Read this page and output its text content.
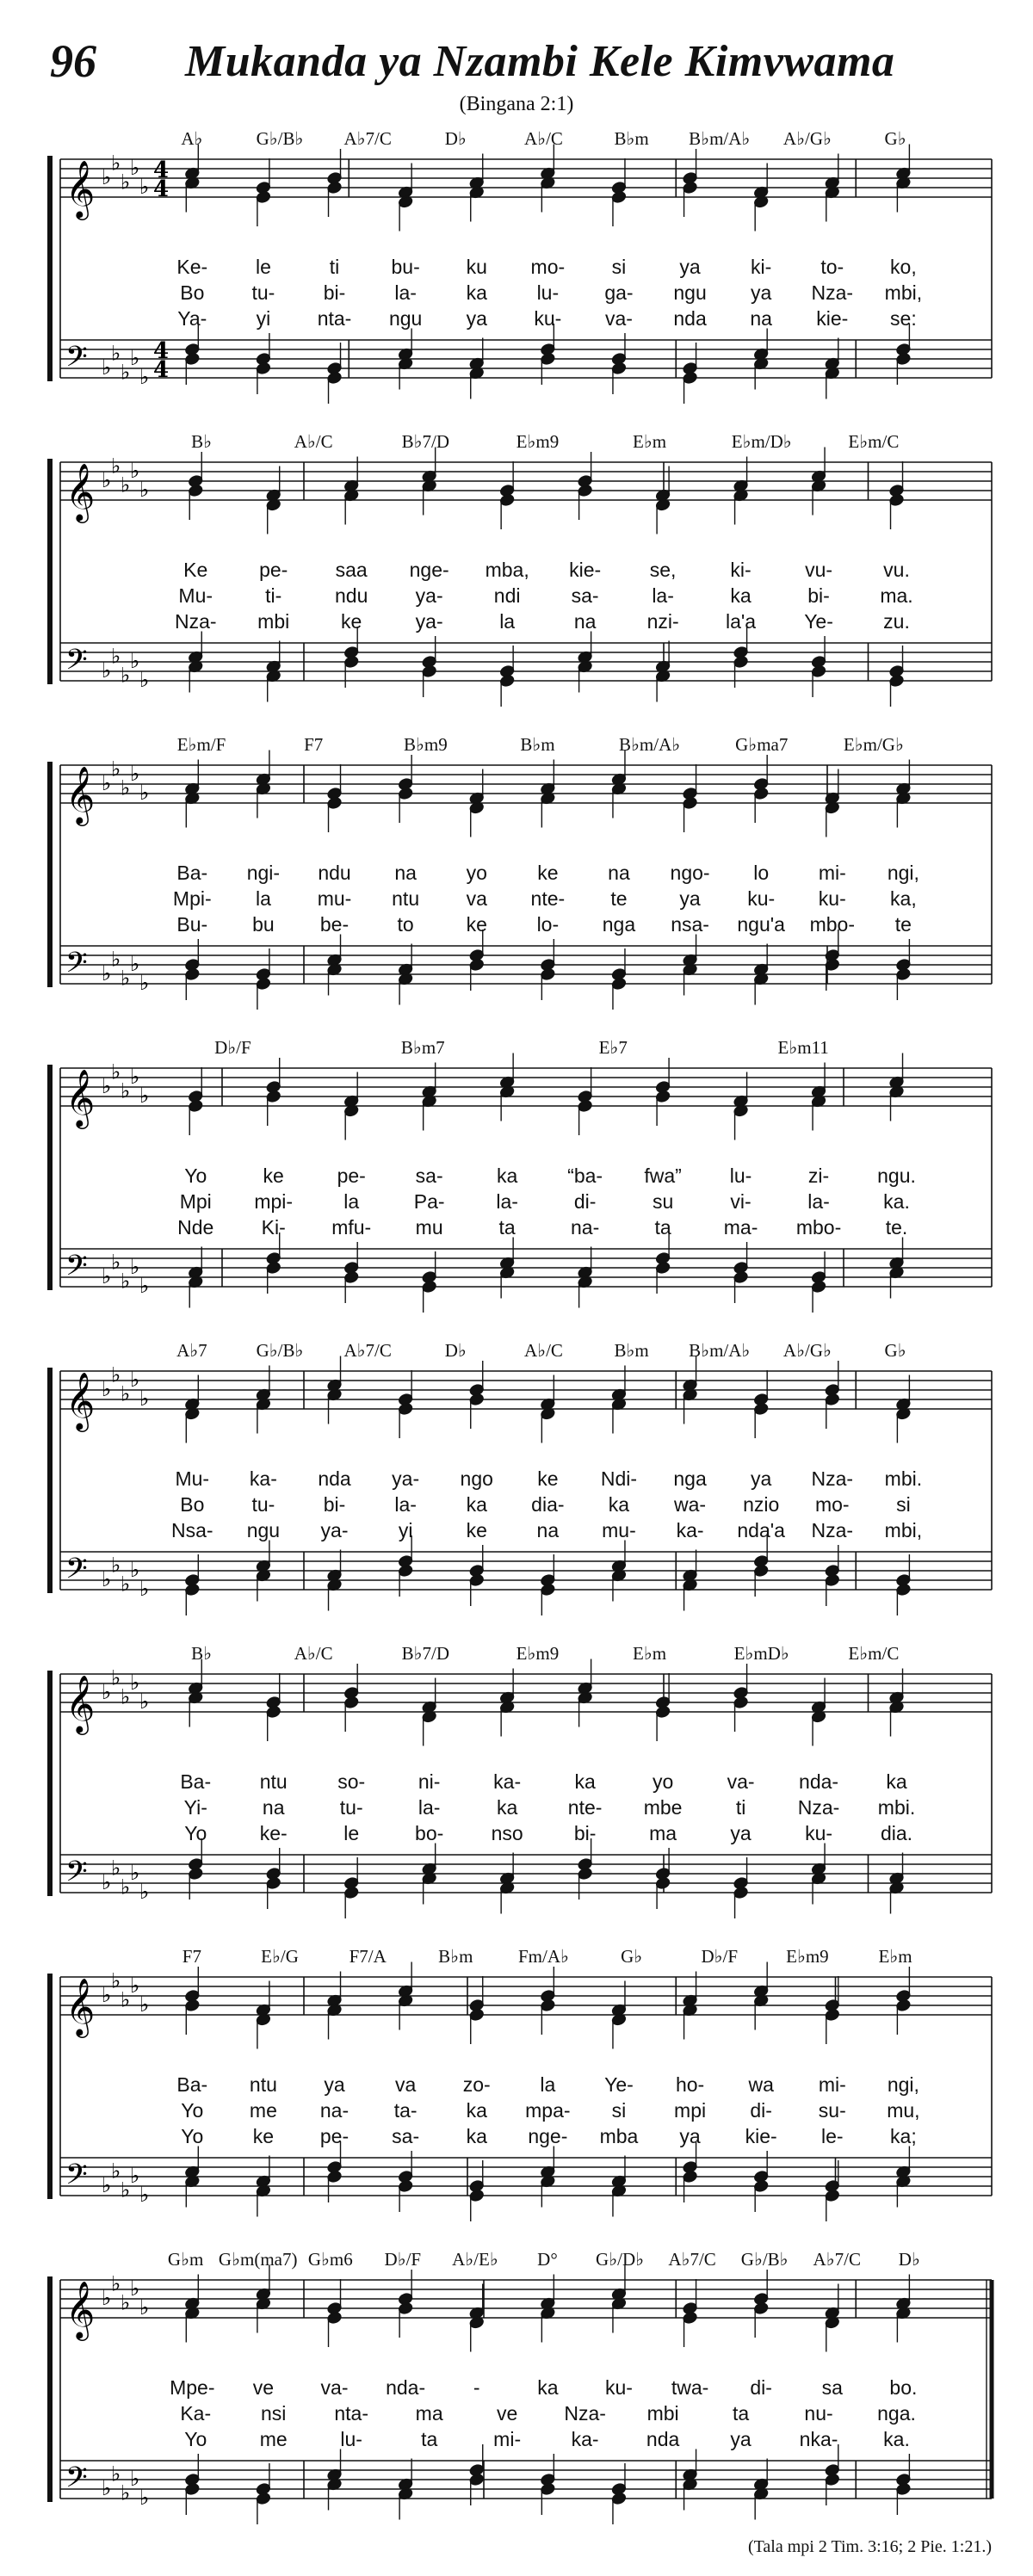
96 Mukanda ya Nzambi Kele Kimvwama
(Bingana 2:1)
𝄞
𝄢
♭
♭
♭
♭
♭
♭
♭
♭
♭
♭
4
4
4
4
A♭	G♭/B♭ A♭7/C	D♭	A♭/C	B♭m B♭m/A♭ A♭/G♭	G♭
Ke- le	ti	bu- ku mo- si	ya	ki- to- ko,
Bo tu- bi- la-	ka	lu- ga- ngu ya Nza- mbi,
Ya- yi nta- ngu ya ku- va- nda na kie- se:
𝄞
𝄢
♭
♭
♭
♭
♭
♭
♭
♭
♭
♭
B♭	A♭/C	B♭7/D	E♭m9	E♭m	E♭m/D♭	E♭m/C
Ke	pe- saa nge- mba, kie- se,	ki-	vu-	vu.
Mu-	ti-	ndu ya-	ndi	sa-	la-	ka	bi-	ma.
Nza- mbi	ke	ya-	la	na	nzi- la'a Ye-	zu.
𝄞
𝄢
♭
♭
♭
♭
♭
♭
♭
♭
♭
♭
E♭m/F	F7	B♭m9	B♭m	B♭m/A♭	G♭ma7	E♭m/G♭
Ba- ngi- ndu na	yo	ke	na ngo- lo	mi- ngi,
Mpi- la mu- ntu va nte- te	ya ku- ku- ka,
Bu- bu be- to	ke	lo- nga nsa- ngu'a mbo- te
𝄞
𝄢
♭
♭
♭
♭
♭
♭
♭
♭
♭
♭
D♭/F	B♭m7	E♭7	E♭m11
Yo	ke	pe-	sa-	ka	“ba- fwa” lu-	zi- ngu.
Mpi mpi-	la	Pa-	la-	di-	su	vi-	la-	ka.
Nde Ki- mfu- mu	ta	na-	ta	ma- mbo- te.
𝄞
𝄢
♭
♭
♭
♭
♭
♭
♭
♭
♭
♭
A♭7	G♭/B♭ A♭7/C	D♭	A♭/C	B♭m B♭m/A♭ A♭/G♭	G♭
Mu- ka- nda ya- ngo ke Ndi- nga ya Nza- mbi.
Bo tu- bi- la-	ka dia- ka wa- nzio mo- si
Nsa- ngu ya-	yi	ke	na mu- ka- nda'a Nza- mbi,
𝄞
𝄢
♭
♭
♭
♭
♭
♭
♭
♭
♭
♭
B♭	A♭/C	B♭7/D	E♭m9	E♭m	E♭mD♭	E♭m/C
Ba- ntu	so-	ni-	ka-	ka	yo	va- nda- ka
Yi-	na	tu-	la-	ka	nte- mbe	ti	Nza- mbi.
Yo	ke-	le	bo- nso	bi-	ma	ya	ku- dia.
𝄞
𝄢
♭
♭
♭
♭
♭
♭
♭
♭
♭
♭
F7	E♭/G	F7/A	B♭m	Fm/A♭	G♭	D♭/F	E♭m9	E♭m
Ba- ntu ya	va zo-	la Ye- ho- wa mi- ngi,
Yo me na- ta- ka mpa- si mpi di- su- mu,
Yo ke pe- sa- ka nge- mba ya kie- le- ka;
𝄞
𝄢
♭
♭
♭
♭
♭
♭
♭
♭
♭
♭
G♭m G♭m(ma7) G♭m6 D♭/F A♭/E♭ D° G♭/D♭ A♭7/C G♭/B♭ A♭7/C D♭
Mpe- ve va- nda- -	ka ku- twa- di-	sa bo.
Ka-	nsi nta- ma	ve Nza- mbi	ta	nu- nga.
Yo	me	lu-	ta	mi-	ka- nda	ya nka- ka.
(Tala mpi 2 Tim. 3:16; 2 Pie. 1:21.)
